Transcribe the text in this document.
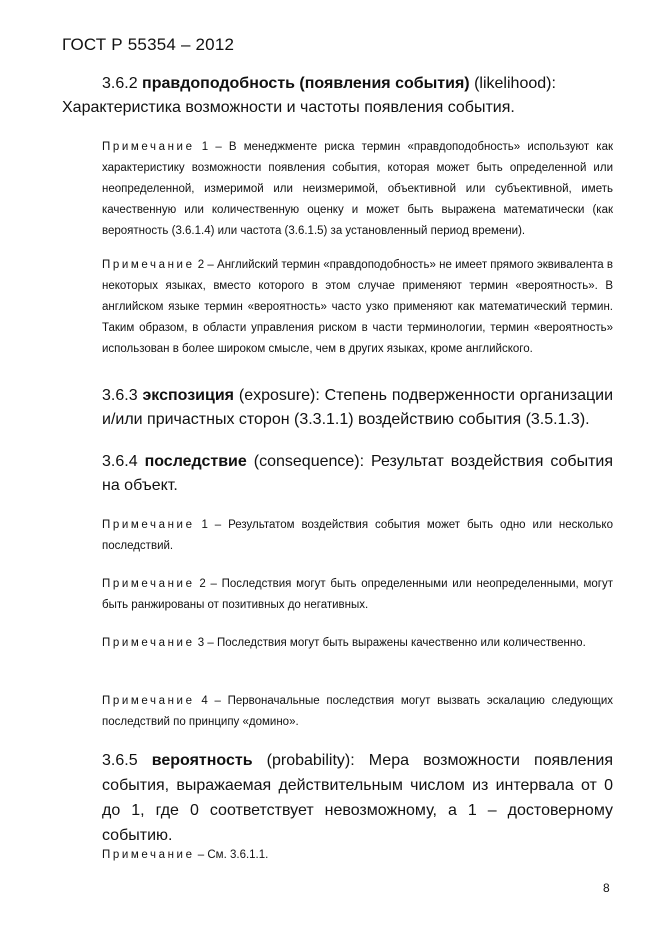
ГОСТ Р 55354 – 2012
3.6.2 правдоподобность (появления события) (likelihood):
Характеристика возможности и частоты появления события.
Примечание 1 – В менеджменте риска термин «правдоподобность» используют как характеристику возможности появления события, которая может быть определенной или неопределенной, измеримой или неизмеримой, объективной или субъективной, иметь качественную или количественную оценку и может быть выражена математически (как вероятность (3.6.1.4) или частота (3.6.1.5) за установленный период времени).
Примечание 2 – Английский термин «правдоподобность» не имеет прямого эквивалента в некоторых языках, вместо которого в этом случае применяют термин «вероятность». В английском языке термин «вероятность» часто узко применяют как математический термин. Таким образом, в области управления риском в части терминологии, термин «вероятность» использован в более широком смысле, чем в других языках, кроме английского.
3.6.3 экспозиция (exposure): Степень подверженности организации и/или причастных сторон (3.3.1.1) воздействию события (3.5.1.3).
3.6.4 последствие (consequence): Результат воздействия события на объект.
Примечание 1 – Результатом воздействия события может быть одно или несколько последствий.
Примечание 2 – Последствия могут быть определенными или неопределенными, могут быть ранжированы от позитивных до негативных.
Примечание 3 – Последствия могут быть выражены качественно или количественно.
Примечание 4 – Первоначальные последствия могут вызвать эскалацию следующих последствий по принципу «домино».
3.6.5 вероятность (probability): Мера возможности появления события, выражаемая действительным числом из интервала от 0 до 1, где 0 соответствует невозможному, а 1 – достоверному событию.
Примечание – См. 3.6.1.1.
8
